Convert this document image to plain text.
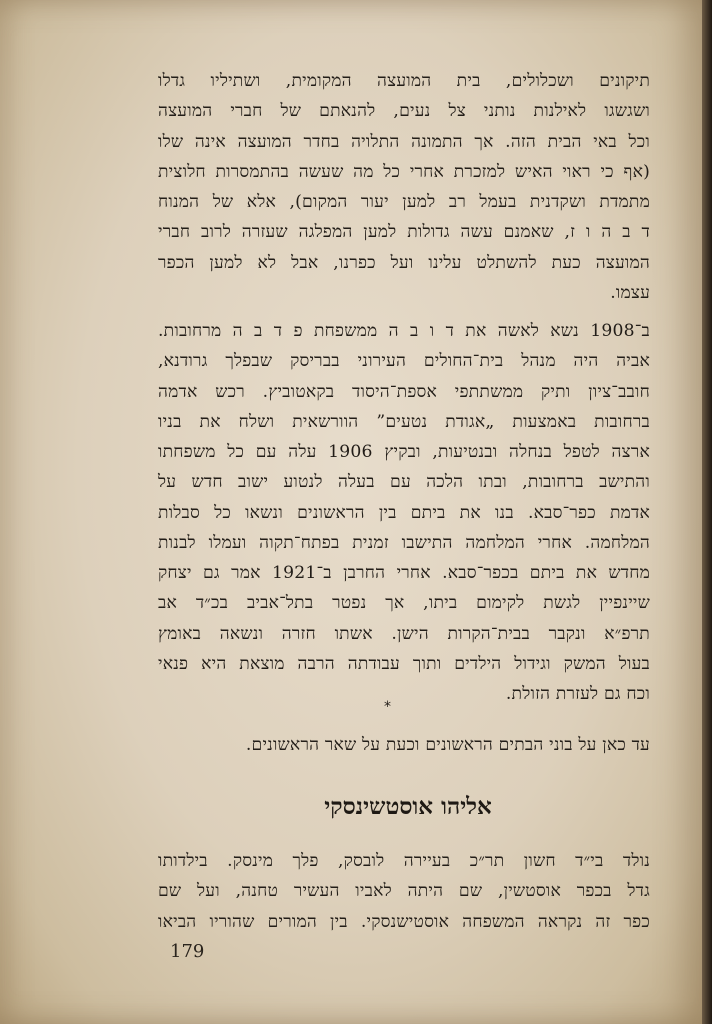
תיקונים ושכלולים, בית המועצה המקומית, ושתיליו גדלו
ושגשגו לאילנות נותני צל נעים, להנאתם של חברי המועצה
וכל באי הבית הזה. אך התמונה התלויה בחדר המועצה אינה שלו
(אף כי ראוי האיש למזכרת אחרי כל מה שעשה בהתמסרות חלוצית
מתמדת ושקדנית בעמל רב למען יעור המקום), אלא של המנוח
ד ב ה ו ז, שאמנם עשה גדולות למען המפלגה שעזרה לרוב חברי
המועצה כעת להשתלט עלינו ועל כפרנו, אבל לא למען הכפר
עצמו.
ב־1908 נשא לאשה את ד ו ב ה ממשפחת פ ד ב ה מרחובות.
אביה היה מנהל בית־החולים העירוני בבריסק שבפלך גרודנא,
חובב־ציון ותיק ממשתתפי אספת־היסוד בקאטוביץ. רכש אדמה
ברחובות באמצעות „אגודת נטעים” הוורשאית ושלח את בניו
ארצה לטפל בנחלה ובנטיעות, ובקיץ 1906 עלה עם כל משפחתו
והתישב ברחובות, ובתו הלכה עם בעלה לנטוע ישוב חדש על
אדמת כפר־סבא. בנו את ביתם בין הראשונים ונשאו כל סבלות
המלחמה. אחרי המלחמה התישבו זמנית בפתח־תקוה ועמלו לבנות
מחדש את ביתם בכפר־סבא. אחרי החרבן ב־1921 אמר גם יצחק
שיינפיין לגשת לקימום ביתו, אך נפטר בתל־אביב בכ״ד אב
תרפ״א ונקבר בבית־הקרות הישן. אשתו חזרה ונשאה באומץ
בעול המשק וגידול הילדים ותוך עבודתה הרבה מוצאת היא פנאי
וכח גם לעזרת הזולת.
*
עד כאן על בוני הבתים הראשונים וכעת על שאר הראשונים.
אליהו אוסטשינסקי
נולד בי״ד חשון תר״כ בעיירה לובסק, פלך מינסק. בילדותו
גדל בכפר אוסטשין, שם היתה לאביו העשיר טחנה, ועל שם
כפר זה נקראה המשפחה אוסטישנסקי. בין המורים שהוריו הביאו
179
